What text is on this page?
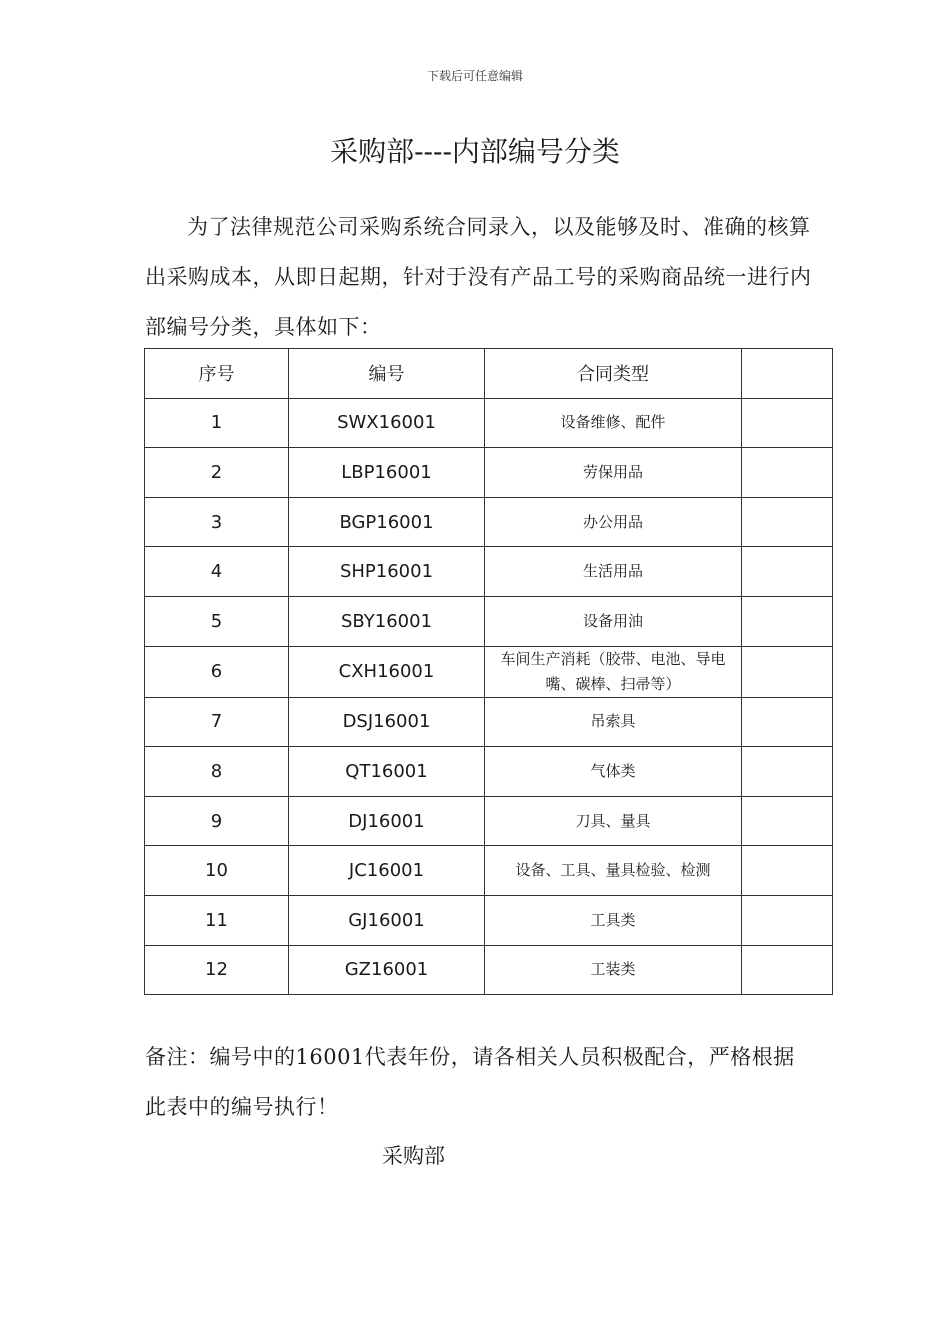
下载后可任意编辑
采购部----内部编号分类

为了法律规范公司采购系统合同录入，以及能够及时、准确的核算出采购成本，从即日起期，针对于没有产品工号的采购商品统一进行内部编号分类，具体如下：

序号	编号	合同类型	
1	SWX16001	设备维修、配件	
2	LBP16001	劳保用品	
3	BGP16001	办公用品	
4	SHP16001	生活用品	
5	SBY16001	设备用油	
6	CXH16001	车间生产消耗（胶带、电池、导电嘴、碳棒、扫帚等）	
7	DSJ16001	吊索具	
8	QT16001	气体类	
9	DJ16001	刀具、量具	
10	JC16001	设备、工具、量具检验、检测	
11	GJ16001	工具类	
12	GZ16001	工装类	

备注：编号中的16001代表年份，请各相关人员积极配合，严格根据此表中的编号执行！

采购部
